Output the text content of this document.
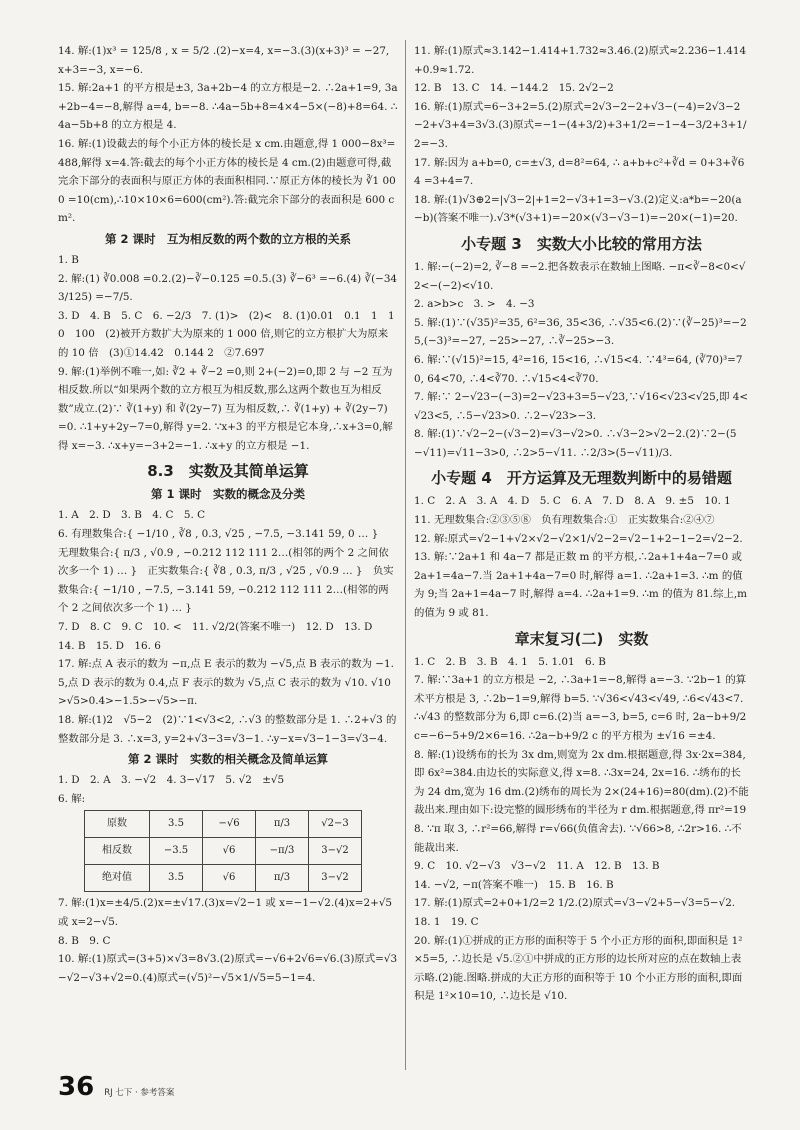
14. 解:(1)x³ = 125/8 , x = 5/2 .(2)−x=4, x=−3.(3)(x+3)³ = −27, x+3=−3, x=−6.
15. 解:2a+1 的平方根是±3, 3a+2b−4 的立方根是−2. ∴2a+1=9, 3a+2b−4=−8,解得 a=4, b=−8. ∴4a−5b+8=4×4−5×(−8)+8=64. ∴4a−5b+8 的立方根是 4.
16. 解:(1)设截去的每个小正方体的棱长是 x cm.由题意,得 1 000−8x³=488,解得 x=4.答:截去的每个小正方体的棱长是 4 cm.(2)由题意可得,截完余下部分的表面积与原正方体的表面积相同.∵原正方体的棱长为 ∛1 000 =10(cm),∴10×10×6=600(cm²).答:截完余下部分的表面积是 600 cm².
第 2 课时　互为相反数的两个数的立方根的关系
1. B
2. 解:(1) ∛0.008 =0.2.(2)−∛−0.125 =0.5.(3) ∛−6³ =−6.(4) ∛(−343/125) =−7/5.
3. D　4. B　5. C　6. −2/3　7. (1)>　(2)<　8. (1)0.01　0.1　1　10　100　(2)被开方数扩大为原来的 1 000 倍,则它的立方根扩大为原来的 10 倍　(3)①14.42　0.144 2　②7.697
9. 解:(1)举例不唯一,如: ∛2 + ∛−2 =0,则 2+(−2)=0,即 2 与 −2 互为相反数.所以“如果两个数的立方根互为相反数,那么这两个数也互为相反数”成立.(2)∵ ∛(1+y) 和 ∛(2y−7) 互为相反数,∴ ∛(1+y) + ∛(2y−7) =0. ∴1+y+2y−7=0,解得 y=2. ∵x+3 的平方根是它本身,∴x+3=0,解得 x=−3. ∴x+y=−3+2=−1. ∴x+y 的立方根是 −1.
8.3　实数及其简单运算
第 1 课时　实数的概念及分类
1. A　2. D　3. B　4. C　5. C
6. 有理数集合:{ −1/10 , ∛8 , 0.3, √25 , −7.5, −3.141 59, 0 … }　无理数集合:{ π/3 , √0.9 , −0.212 112 111 2…(相邻的两个 2 之间依次多一个 1) … }　正实数集合:{ ∛8 , 0.3, π/3 , √25 , √0.9 … }　负实数集合:{ −1/10 , −7.5, −3.141 59, −0.212 112 111 2…(相邻的两个 2 之间依次多一个 1) … }
7. D　8. C　9. C　10. <　11. √2/2(答案不唯一)　12. D　13. D
14. B　15. D　16. 6
17. 解:点 A 表示的数为 −π,点 E 表示的数为 −√5,点 B 表示的数为 −1.5,点 D 表示的数为 0.4,点 F 表示的数为 √5,点 C 表示的数为 √10. √10>√5>0.4>−1.5>−√5>−π.
18. 解:(1)2　√5−2　(2)∵1<√3<2, ∴√3 的整数部分是 1. ∴2+√3 的整数部分是 3. ∴x=3, y=2+√3−3=√3−1. ∴y−x=√3−1−3=√3−4.
第 2 课时　实数的相关概念及简单运算
1. D　2. A　3. −√2　4. 3−√17　5. √2　±√5
6. 解:
原数	3.5	−√6	π/3	√2−3
相反数	−3.5	√6	−π/3	3−√2
绝对值	3.5	√6	π/3	3−√2
7. 解:(1)x=±4/5.(2)x=±√17.(3)x=√2−1 或 x=−1−√2.(4)x=2+√5 或 x=2−√5.
8. B　9. C
10. 解:(1)原式=(3+5)×√3=8√3.(2)原式=−√6+2√6=√6.(3)原式=√3−√2−√3+√2=0.(4)原式=(√5)²−√5×1/√5=5−1=4.
11. 解:(1)原式≈3.142−1.414+1.732≈3.46.(2)原式≈2.236−1.414+0.9≈1.72.
12. B　13. C　14. −144.2　15. 2√2−2
16. 解:(1)原式=6−3+2=5.(2)原式=2√3−2−2+√3−(−4)=2√3−2−2+√3+4=3√3.(3)原式=−1−(4+3/2)+3+1/2=−1−4−3/2+3+1/2=−3.
17. 解:因为 a+b=0, c=±√3, d=8²=64, ∴ a+b+c²+∛d = 0+3+∛64 =3+4=7.
18. 解:(1)√3⊕2=|√3−2|+1=2−√3+1=3−√3.(2)定义:a*b=−20(a−b)(答案不唯一).√3*(√3+1)=−20×(√3−√3−1)=−20×(−1)=20.
小专题 3　实数大小比较的常用方法
1. 解:−(−2)=2, ∛−8 =−2.把各数表示在数轴上图略. −π<∛−8<0<√2<−(−2)<√10.
2. a>b>c　3. >　4. −3
5. 解:(1)∵(√35)²=35, 6²=36, 35<36, ∴√35<6.(2)∵(∛−25)³=−25,(−3)³=−27, −25>−27, ∴∛−25>−3.
6. 解:∵(√15)²=15, 4²=16, 15<16, ∴√15<4. ∵4³=64, (∛70)³=70, 64<70, ∴4<∛70. ∴√15<4<∛70.
7. 解:∵ 2−√23−(−3)=2−√23+3=5−√23,∵√16<√23<√25,即 4<√23<5, ∴5−√23>0. ∴2−√23>−3.
8. 解:(1)∵√2−2−(√3−2)=√3−√2>0. ∴√3−2>√2−2.(2)∵2−(5−√11)=√11−3>0, ∴2>5−√11. ∴2/3>(5−√11)/3.
小专题 4　开方运算及无理数判断中的易错题
1. C　2. A　3. A　4. D　5. C　6. A　7. D　8. A　9. ±5　10. 1
11. 无理数集合:②③⑤⑧　负有理数集合:①　正实数集合:②④⑦
12. 解:原式=√2−1+√2×√2−√2×1/√2−2=√2−1+2−1−2=√2−2.
13. 解:∵2a+1 和 4a−7 都是正数 m 的平方根,∴2a+1+4a−7=0 或 2a+1=4a−7.当 2a+1+4a−7=0 时,解得 a=1. ∴2a+1=3. ∴m 的值为 9;当 2a+1=4a−7 时,解得 a=4. ∴2a+1=9. ∴m 的值为 81.综上,m 的值为 9 或 81.
章末复习(二)　实数
1. C　2. B　3. B　4. 1　5. 1.01　6. B
7. 解:∵3a+1 的立方根是 −2, ∴3a+1=−8,解得 a=−3. ∵2b−1 的算术平方根是 3, ∴2b−1=9,解得 b=5. ∵√36<√43<√49, ∴6<√43<7. ∴√43 的整数部分为 6,即 c=6.(2)当 a=−3, b=5, c=6 时, 2a−b+9/2 c=−6−5+9/2×6=16. ∴2a−b+9/2 c 的平方根为 ±√16 =±4.
8. 解:(1)设绣布的长为 3x dm,则宽为 2x dm.根据题意,得 3x·2x=384,即 6x²=384.由边长的实际意义,得 x=8. ∴3x=24, 2x=16. ∴绣布的长为 24 dm,宽为 16 dm.(2)绣布的周长为 2×(24+16)=80(dm).(2)不能裁出来.理由如下:设完整的圆形绣布的半径为 r dm.根据题意,得 πr²=198. ∵π 取 3, ∴r²=66,解得 r=√66(负值舍去). ∵√66>8, ∴2r>16. ∴不能裁出来.
9. C　10. √2−√3　√3−√2　11. A　12. B　13. B
14. −√2, −π(答案不唯一)　15. B　16. B
17. 解:(1)原式=2+0+1/2=2 1/2.(2)原式=√3−√2+5−√3=5−√2.
18. 1　19. C
20. 解:(1)①拼成的正方形的面积等于 5 个小正方形的面积,即面积是 1²×5=5, ∴边长是 √5.②①中拼成的正方形的边长所对应的点在数轴上表示略.(2)能.图略.拼成的大正方形的面积等于 10 个小正方形的面积,即面积是 1²×10=10, ∴边长是 √10.
36 RJ 七下 · 参考答案
